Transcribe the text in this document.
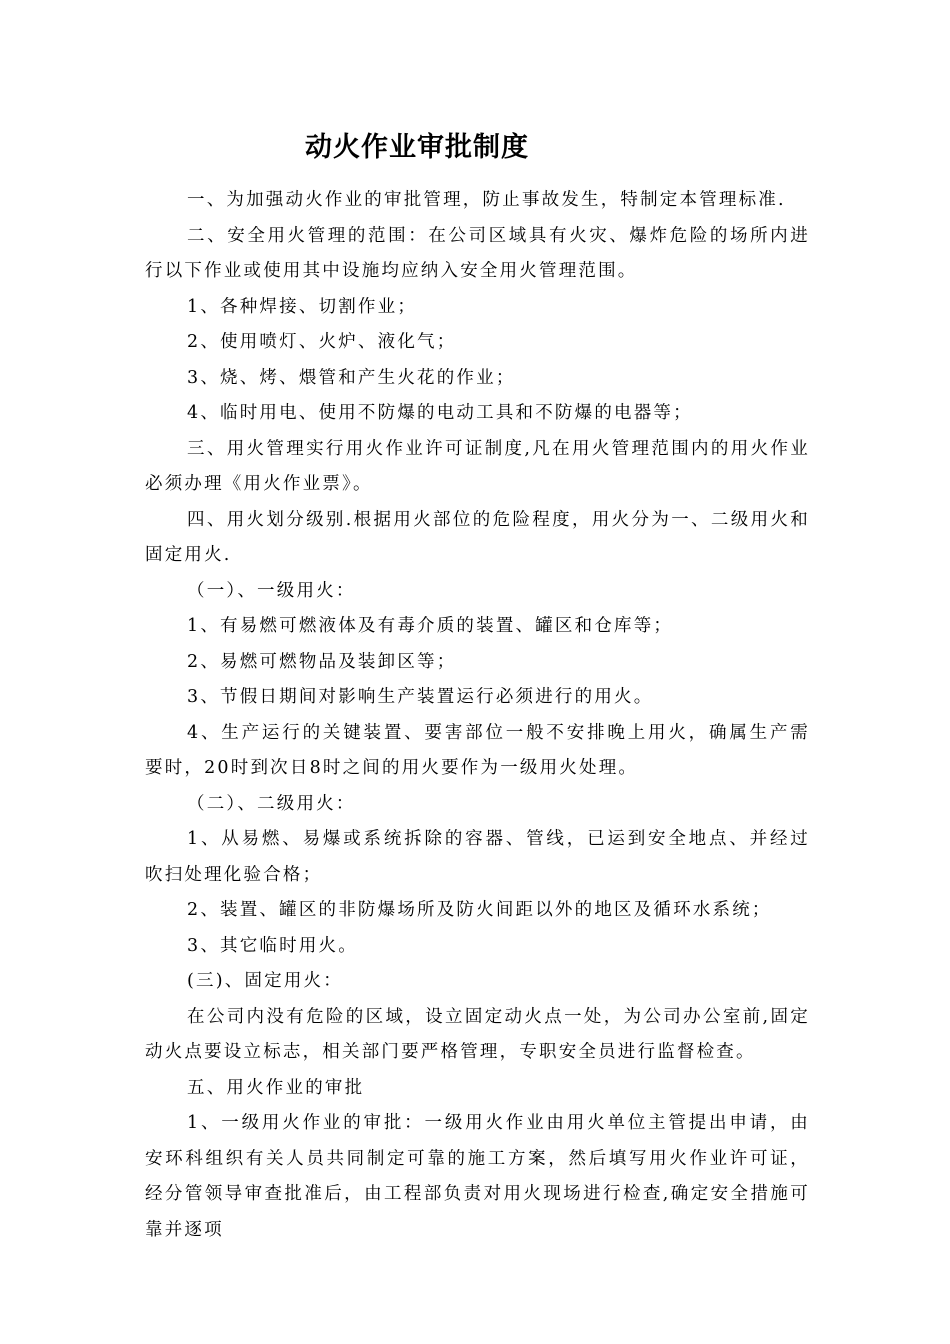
动火作业审批制度

一、为加强动火作业的审批管理，防止事故发生，特制定本管理标准.

二、安全用火管理的范围：在公司区域具有火灾、爆炸危险的场所内进行以下作业或使用其中设施均应纳入安全用火管理范围。

1、各种焊接、切割作业；

2、使用喷灯、火炉、液化气；

3、烧、烤、煨管和产生火花的作业；

4、临时用电、使用不防爆的电动工具和不防爆的电器等；

三、用火管理实行用火作业许可证制度,凡在用火管理范围内的用火作业必须办理《用火作业票》。

四、用火划分级别.根据用火部位的危险程度，用火分为一、二级用火和固定用火.

（一）、一级用火：

1、有易燃可燃液体及有毒介质的装置、罐区和仓库等；

2、易燃可燃物品及装卸区等；

3、节假日期间对影响生产装置运行必须进行的用火。

4、生产运行的关键装置、要害部位一般不安排晚上用火，确属生产需要时，20时到次日8时之间的用火要作为一级用火处理。

（二）、二级用火：

1、从易燃、易爆或系统拆除的容器、管线，已运到安全地点、并经过吹扫处理化验合格；

2、装置、罐区的非防爆场所及防火间距以外的地区及循环水系统；

3、其它临时用火。

(三)、固定用火：

在公司内没有危险的区域，设立固定动火点一处，为公司办公室前,固定动火点要设立标志，相关部门要严格管理，专职安全员进行监督检查。

五、用火作业的审批

1、一级用火作业的审批：一级用火作业由用火单位主管提出申请，由安环科组织有关人员共同制定可靠的施工方案，然后填写用火作业许可证，经分管领导审查批准后，由工程部负责对用火现场进行检查,确定安全措施可靠并逐项
